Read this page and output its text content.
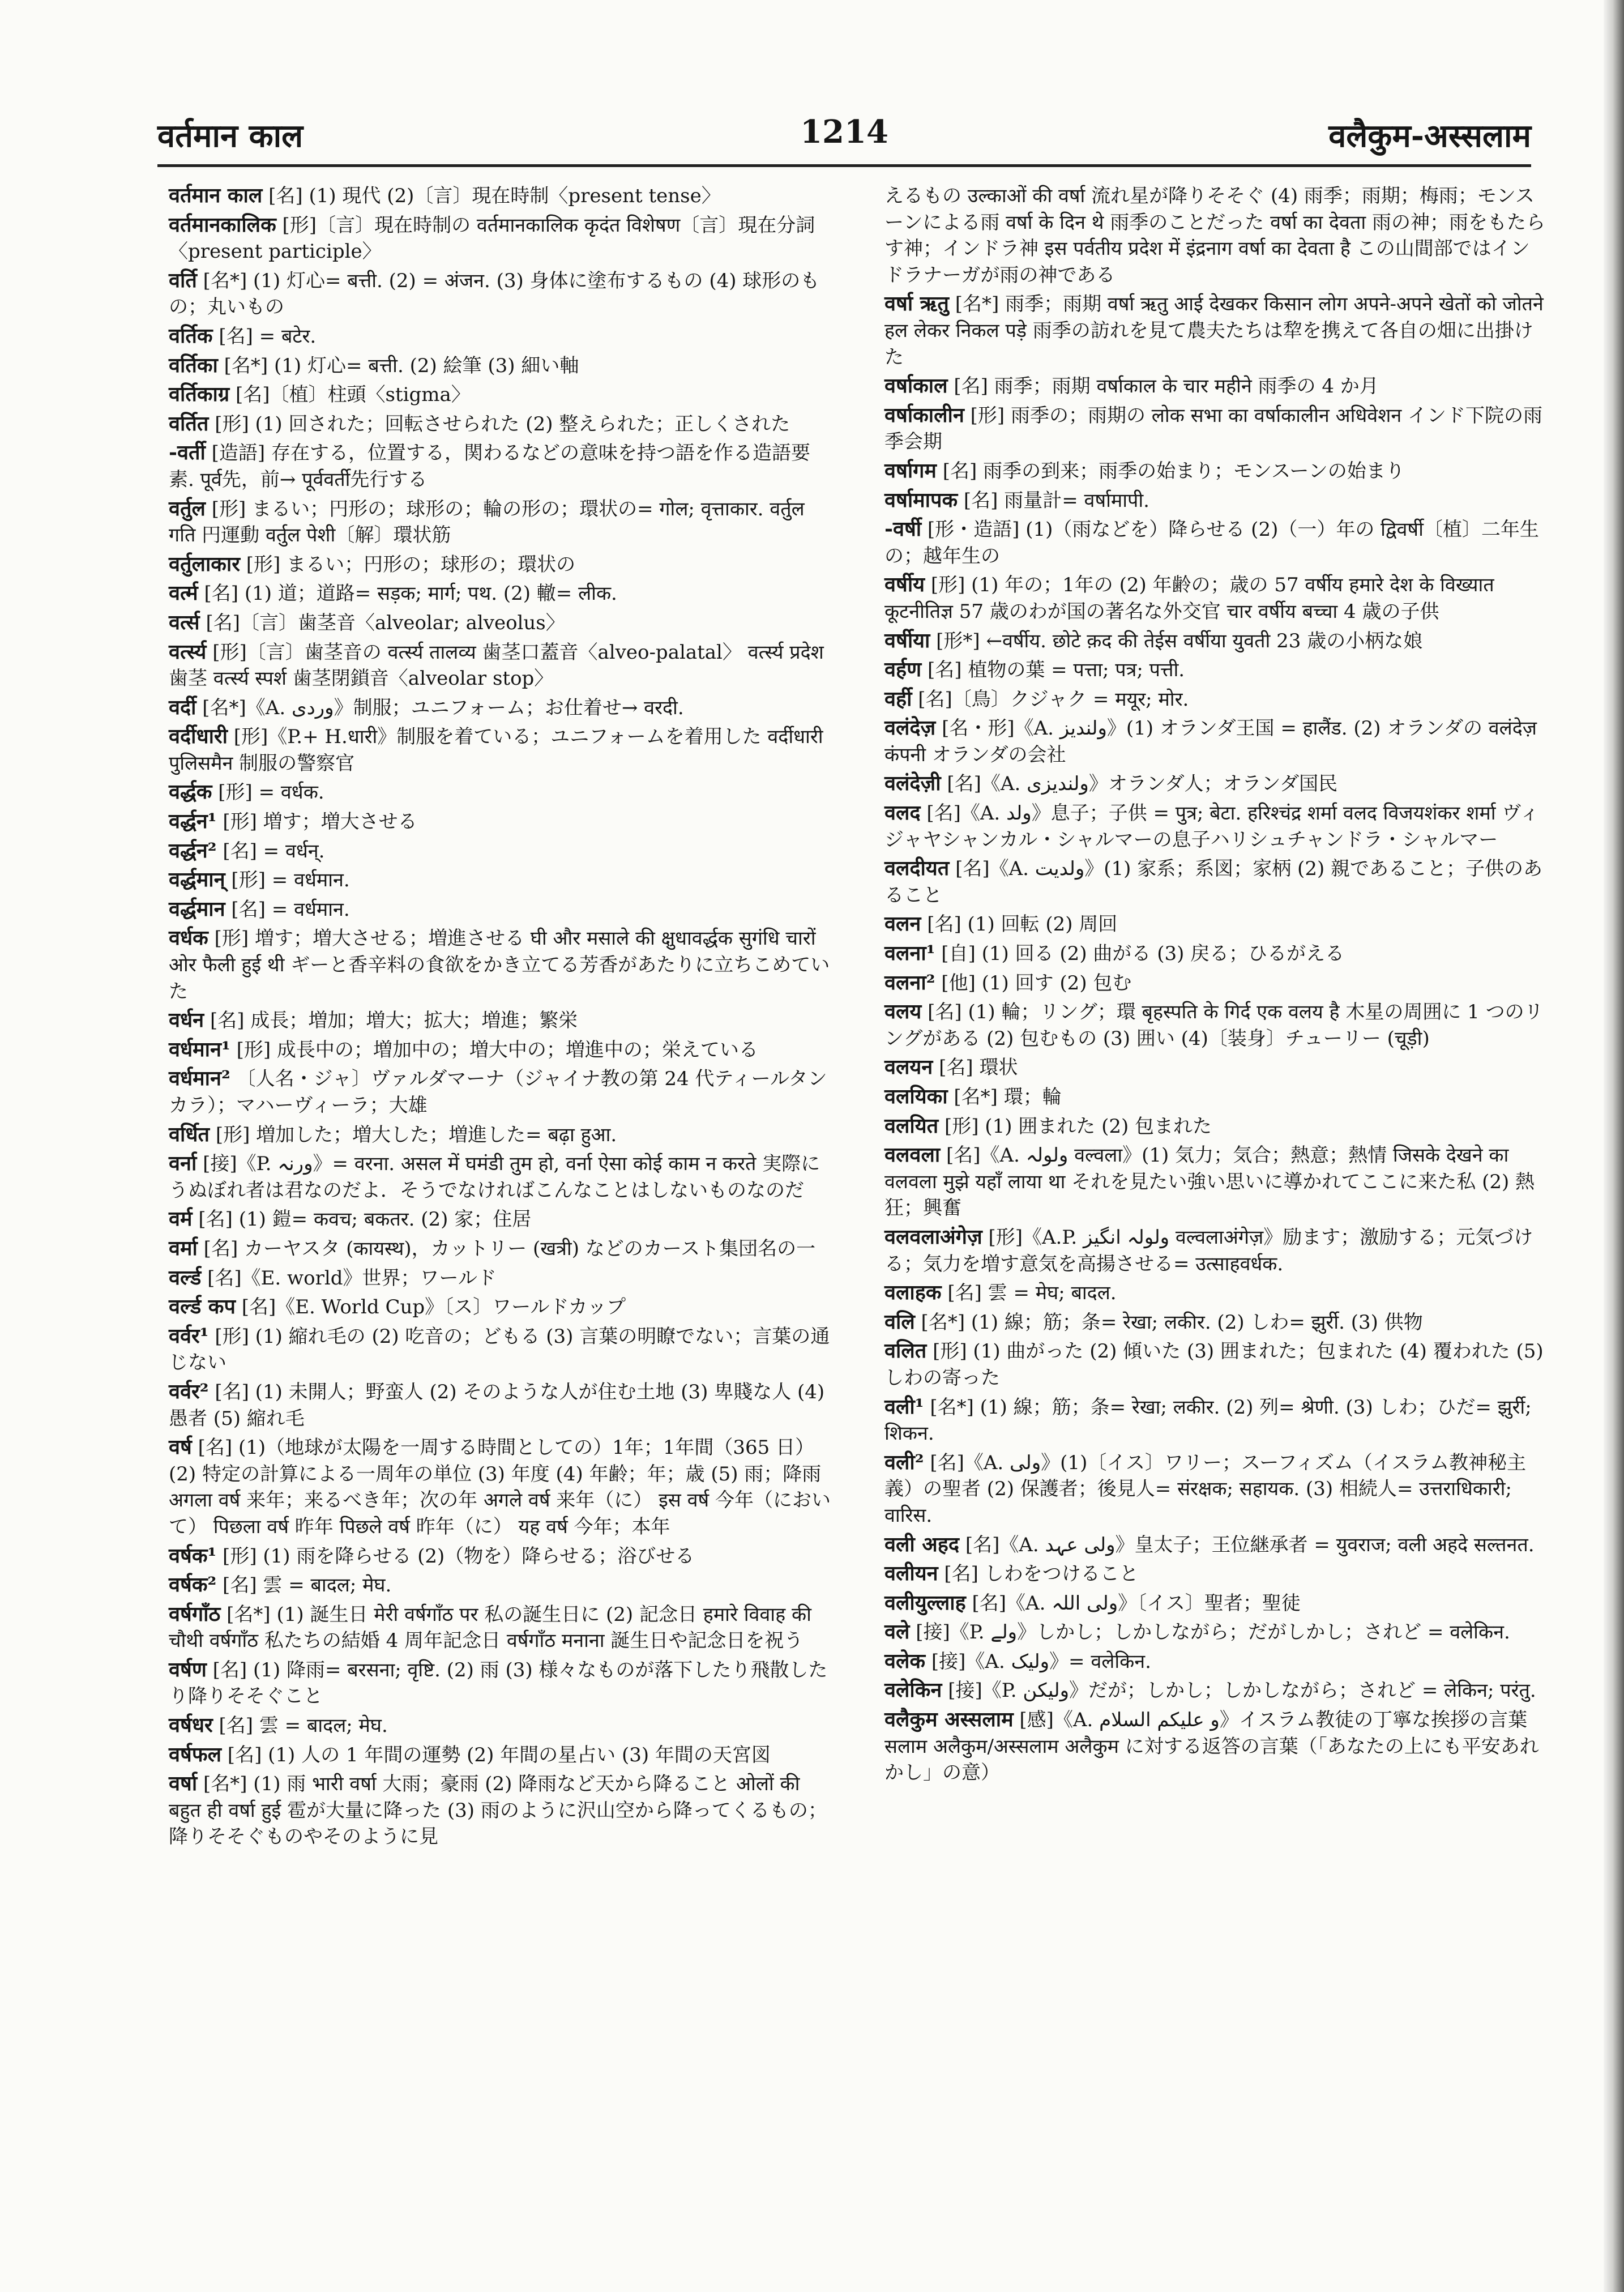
वर्तमान काल	1214	वलैकुम-अस्सलाम
वर्तमान काल [名] (1) 現代 (2)〔言〕現在時制〈present tense〉
वर्तमानकालिक [形]〔言〕現在時制の वर्तमानकालिक कृदंत विशेषण〔言〕現在分詞〈present participle〉
वर्ति [名*] (1) 灯心= बत्ती. (2) = अंजन. (3) 身体に塗布するもの (4) 球形のもの；丸いもの
वर्तिक [名] = बटेर.
वर्तिका [名*] (1) 灯心= बत्ती. (2) 絵筆 (3) 細い軸
वर्तिकाग्र [名]〔植〕柱頭〈stigma〉
वर्तित [形] (1) 回された；回転させられた (2) 整えられた；正しくされた
-वर्ती [造語] 存在する，位置する，関わるなどの意味を持つ語を作る造語要素. पूर्व先，前→ पूर्ववर्ती先行する
वर्तुल [形] まるい；円形の；球形の；輪の形の；環状の= गोल; वृत्ताकार. वर्तुल गति 円運動 वर्तुल पेशी〔解〕環状筋
वर्तुलाकार [形] まるい；円形の；球形の；環状の
वर्त्म [名] (1) 道；道路= सड़क; मार्ग; पथ. (2) 轍= लीक.
वर्त्स [名]〔言〕歯茎音〈alveolar; alveolus〉
वर्त्स्य [形]〔言〕歯茎音の वर्त्स्य तालव्य 歯茎口蓋音〈alveo-palatal〉 वर्त्स्य प्रदेश 歯茎 वर्त्स्य स्पर्श 歯茎閉鎖音〈alveolar stop〉
वर्दी [名*]《A. وردی》制服；ユニフォーム；お仕着せ→ वरदी.
वर्दीधारी [形]《P.+ H.धारी》制服を着ている；ユニフォームを着用した वर्दीधारी पुलिसमैन 制服の警察官
वर्द्धक [形] = वर्धक.
वर्द्धन¹ [形] 増す；増大させる
वर्द्धन² [名] = वर्धन्.
वर्द्धमान् [形] = वर्धमान.
वर्द्धमान [名] = वर्धमान.
वर्धक [形] 増す；増大させる；増進させる घी और मसाले की क्षुधावर्द्धक सुगंधि चारों ओर फैली हुई थी ギーと香辛料の食欲をかき立てる芳香があたりに立ちこめていた
वर्धन [名] 成長；増加；増大；拡大；増進；繁栄
वर्धमान¹ [形] 成長中の；増加中の；増大中の；増進中の；栄えている
वर्धमान² 〔人名・ジャ〕ヴァルダマーナ（ジャイナ教の第 24 代ティールタンカラ）；マハーヴィーラ；大雄
वर्धित [形] 増加した；増大した；増進した= बढ़ा हुआ.
वर्ना [接]《P. ورنہ》= वरना. असल में घमंडी तुम हो, वर्ना ऐसा कोई काम न करते 実際にうぬぼれ者は君なのだよ．そうでなければこんなことはしないものなのだ
वर्म [名] (1) 鎧= कवच; बकतर. (2) 家；住居
वर्मा [名] カーヤスタ (कायस्थ)，カットリー (खत्री) などのカースト集団名の一
वर्ल्ड [名]《E. world》世界；ワールド
वर्ल्ड कप [名]《E. World Cup》〔ス〕ワールドカップ
वर्वर¹ [形] (1) 縮れ毛の (2) 吃音の；どもる (3) 言葉の明瞭でない；言葉の通じない
वर्वर² [名] (1) 未開人；野蛮人 (2) そのような人が住む土地 (3) 卑賤な人 (4) 愚者 (5) 縮れ毛
वर्ष [名] (1)（地球が太陽を一周する時間としての）1年；1年間（365 日） (2) 特定の計算による一周年の単位 (3) 年度 (4) 年齢；年；歳 (5) 雨；降雨 अगला वर्ष 来年；来るべき年；次の年 अगले वर्ष 来年（に） इस वर्ष 今年（において） पिछला वर्ष 昨年 पिछले वर्ष 昨年（に） यह वर्ष 今年；本年
वर्षक¹ [形] (1) 雨を降らせる (2)（物を）降らせる；浴びせる
वर्षक² [名] 雲 = बादल; मेघ.
वर्षगाँठ [名*] (1) 誕生日 मेरी वर्षगाँठ पर 私の誕生日に (2) 記念日 हमारे विवाह की चौथी वर्षगाँठ 私たちの結婚 4 周年記念日 वर्षगाँठ मनाना 誕生日や記念日を祝う
वर्षण [名] (1) 降雨= बरसना; वृष्टि. (2) 雨 (3) 様々なものが落下したり飛散したり降りそそぐこと
वर्षधर [名] 雲 = बादल; मेघ.
वर्षफल [名] (1) 人の 1 年間の運勢 (2) 年間の星占い (3) 年間の天宮図
वर्षा [名*] (1) 雨 भारी वर्षा 大雨；豪雨 (2) 降雨など天から降ること ओलों की बहुत ही वर्षा हुई 雹が大量に降った (3) 雨のように沢山空から降ってくるもの；降りそそぐものやそのように見
えるもの उल्काओं की वर्षा 流れ星が降りそそぐ (4) 雨季；雨期；梅雨；モンスーンによる雨 वर्षा के दिन थे 雨季のことだった वर्षा का देवता 雨の神；雨をもたらす神；インドラ神 इस पर्वतीय प्रदेश में इंद्रनाग वर्षा का देवता है この山間部ではインドラナーガが雨の神である
वर्षा ऋतु [名*] 雨季；雨期 वर्षा ऋतु आई देखकर किसान लोग अपने-अपने खेतों को जोतने हल लेकर निकल पड़े 雨季の訪れを見て農夫たちは犂を携えて各自の畑に出掛けた
वर्षाकाल [名] 雨季；雨期 वर्षाकाल के चार महीने 雨季の 4 か月
वर्षाकालीन [形] 雨季の；雨期の लोक सभा का वर्षाकालीन अधिवेशन インド下院の雨季会期
वर्षागम [名] 雨季の到来；雨季の始まり；モンスーンの始まり
वर्षामापक [名] 雨量計= वर्षामापी.
-वर्षी [形・造語] (1)（雨などを）降らせる (2)（一）年の द्विवर्षी〔植〕二年生の；越年生の
वर्षीय [形] (1) 年の；1年の (2) 年齢の；歳の 57 वर्षीय हमारे देश के विख्यात कूटनीतिज्ञ 57 歳のわが国の著名な外交官 चार वर्षीय बच्चा 4 歳の子供
वर्षीया [形*] ←वर्षीय. छोटे क़द की तेईस वर्षीया युवती 23 歳の小柄な娘
वर्हण [名] 植物の葉 = पत्ता; पत्र; पत्ती.
वर्ही [名]〔鳥〕クジャク = मयूर; मोर.
वलंदेज़ [名・形]《A. ولندیز》(1) オランダ王国 = हालैंड. (2) オランダの वलंदेज़ कंपनी オランダの会社
वलंदेज़ी [名]《A. ولندیزی》オランダ人；オランダ国民
वलद [名]《A. ولد》息子；子供 = पुत्र; बेटा. हरिश्चंद्र शर्मा वलद विजयशंकर शर्मा ヴィジャヤシャンカル・シャルマーの息子ハリシュチャンドラ・シャルマー
वलदीयत [名]《A. ولدیت》(1) 家系；系図；家柄 (2) 親であること；子供のあること
वलन [名] (1) 回転 (2) 周回
वलना¹ [自] (1) 回る (2) 曲がる (3) 戻る；ひるがえる
वलना² [他] (1) 回す (2) 包む
वलय [名] (1) 輪；リング；環 बृहस्पति के गिर्द एक वलय है 木星の周囲に 1 つのリングがある (2) 包むもの (3) 囲い (4)〔装身〕チューリー (चूड़ी)
वलयन [名] 環状
वलयिका [名*] 環；輪
वलयित [形] (1) 囲まれた (2) 包まれた
वलवला [名]《A. ولولہ वल्वला》(1) 気力；気合；熱意；熱情 जिसके देखने का वलवला मुझे यहाँ लाया था それを見たい強い思いに導かれてここに来た私 (2) 熱狂；興奮
वलवलाअंगेज़ [形]《A.P. ولولہ انگیز वल्वलाअंगेज़》励ます；激励する；元気づける；気力を増す意気を高揚させる= उत्साहवर्धक.
वलाहक [名] 雲 = मेघ; बादल.
वलि [名*] (1) 線；筋；条= रेखा; लकीर. (2) しわ= झुर्री. (3) 供物
वलित [形] (1) 曲がった (2) 傾いた (3) 囲まれた；包まれた (4) 覆われた (5) しわの寄った
वली¹ [名*] (1) 線；筋；条= रेखा; लकीर. (2) 列= श्रेणी. (3) しわ；ひだ= झुर्री; शिकन.
वली² [名]《A. ولی》(1)〔イス〕ワリー；スーフィズム（イスラム教神秘主義）の聖者 (2) 保護者；後見人= संरक्षक; सहायक. (3) 相続人= उत्तराधिकारी; वारिस.
वली अहद [名]《A. ولی عہد》皇太子；王位継承者 = युवराज; वली अहदे सल्तनत.
वलीयन [名] しわをつけること
वलीयुल्लाह [名]《A. ولی اللہ》〔イス〕聖者；聖徒
वले [接]《P. ولے》しかし；しかしながら；だがしかし；されど = वलेकिन.
वलेक [接]《A. ولیک》= वलेकिन.
वलेकिन [接]《P. ولیکن》だが；しかし；しかしながら；されど = लेकिन; परंतु.
वलैकुम अस्सलाम [感]《A. و علیکم السلام》イスラム教徒の丁寧な挨拶の言葉 सलाम अलैकुम/अस्सलाम अलैकुम に対する返答の言葉（「あなたの上にも平安あれかし」の意）
